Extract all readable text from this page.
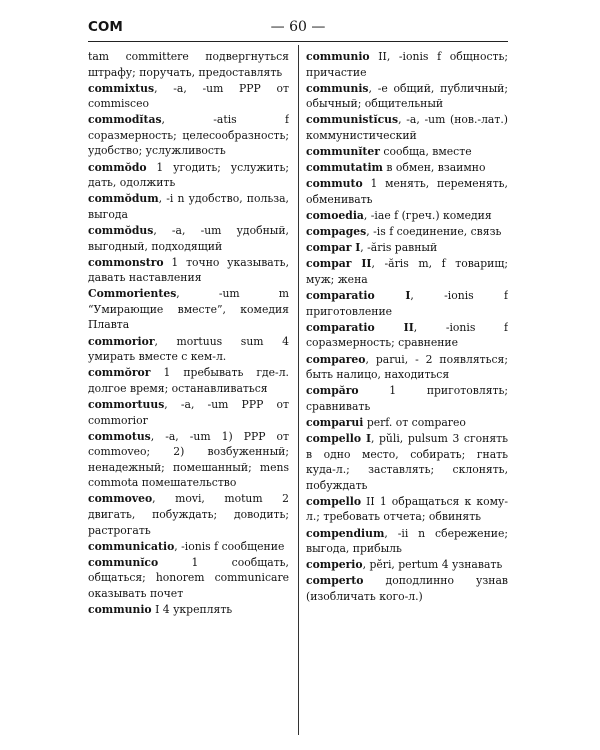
COM	— 60 —

tam committere подвергнуться штрафу; поручать, предоставлять

commixtus, -a, -um PPP от commisceo

commodĭtas, -atis f соразмерность; целесообразность; удобство; услужливость

commŏdo 1 угодить; услужить; дать, одолжить

commŏdum, -i n удобство, польза, выгода

commŏdus, -a, -um удобный, выгодный, подходящий

commonstro 1 точно указывать, давать наставления

Commorientes, -um m “Умирающие вместе”, комедия Плавта

commorior, mortuus sum 4 умирать вместе с кем-л.

commŏror 1 пребывать где-л. долгое время; останавливаться

commortuus, -a, -um PPP от commorior

commotus, -a, -um 1) PPP от commoveo; 2) возбуженный; ненадежный; помешанный; mens commota помешательство

commoveo, movi, motum 2 двигать, побуждать; доводить; растрогать

communicatio, -ionis f сообщение

communĭco 1 сообщать, общаться; honorem communicare оказывать почет

communio I 4 укреплять

communio II, -ionis f общность; причастие

communis, -e общий, публичный; обычный; общительный

communistĭcus, -a, -um (нов.-лат.) коммунистический

communĭter сообща, вместе

commutatim в обмен, взаимно

commuto 1 менять, переменять, обменивать

comoedia, -iae f (греч.) комедия

compages, -is f соединение, связь

compar I, -ăris равный

compar II, -ăris m, f товарищ; муж; жена

comparatio I, -ionis f приготовление

comparatio II, -ionis f соразмерность; сравнение

compareo, parui, - 2 появляться; быть налицо, находиться

compăro 1 приготовлять; сравнивать

comparui perf. от compareo

compello I, pŭli, pulsum 3 сгонять в одно место, собирать; гнать куда-л.; заставлять; склонять, побуждать

compello II 1 обращаться к кому-л.; требовать отчета; обвинять

compendium, -ii n сбережение; выгода, прибыль

comperio, pĕri, pertum 4 узнавать

comperto доподлинно узнав (изобличать кого-л.)
